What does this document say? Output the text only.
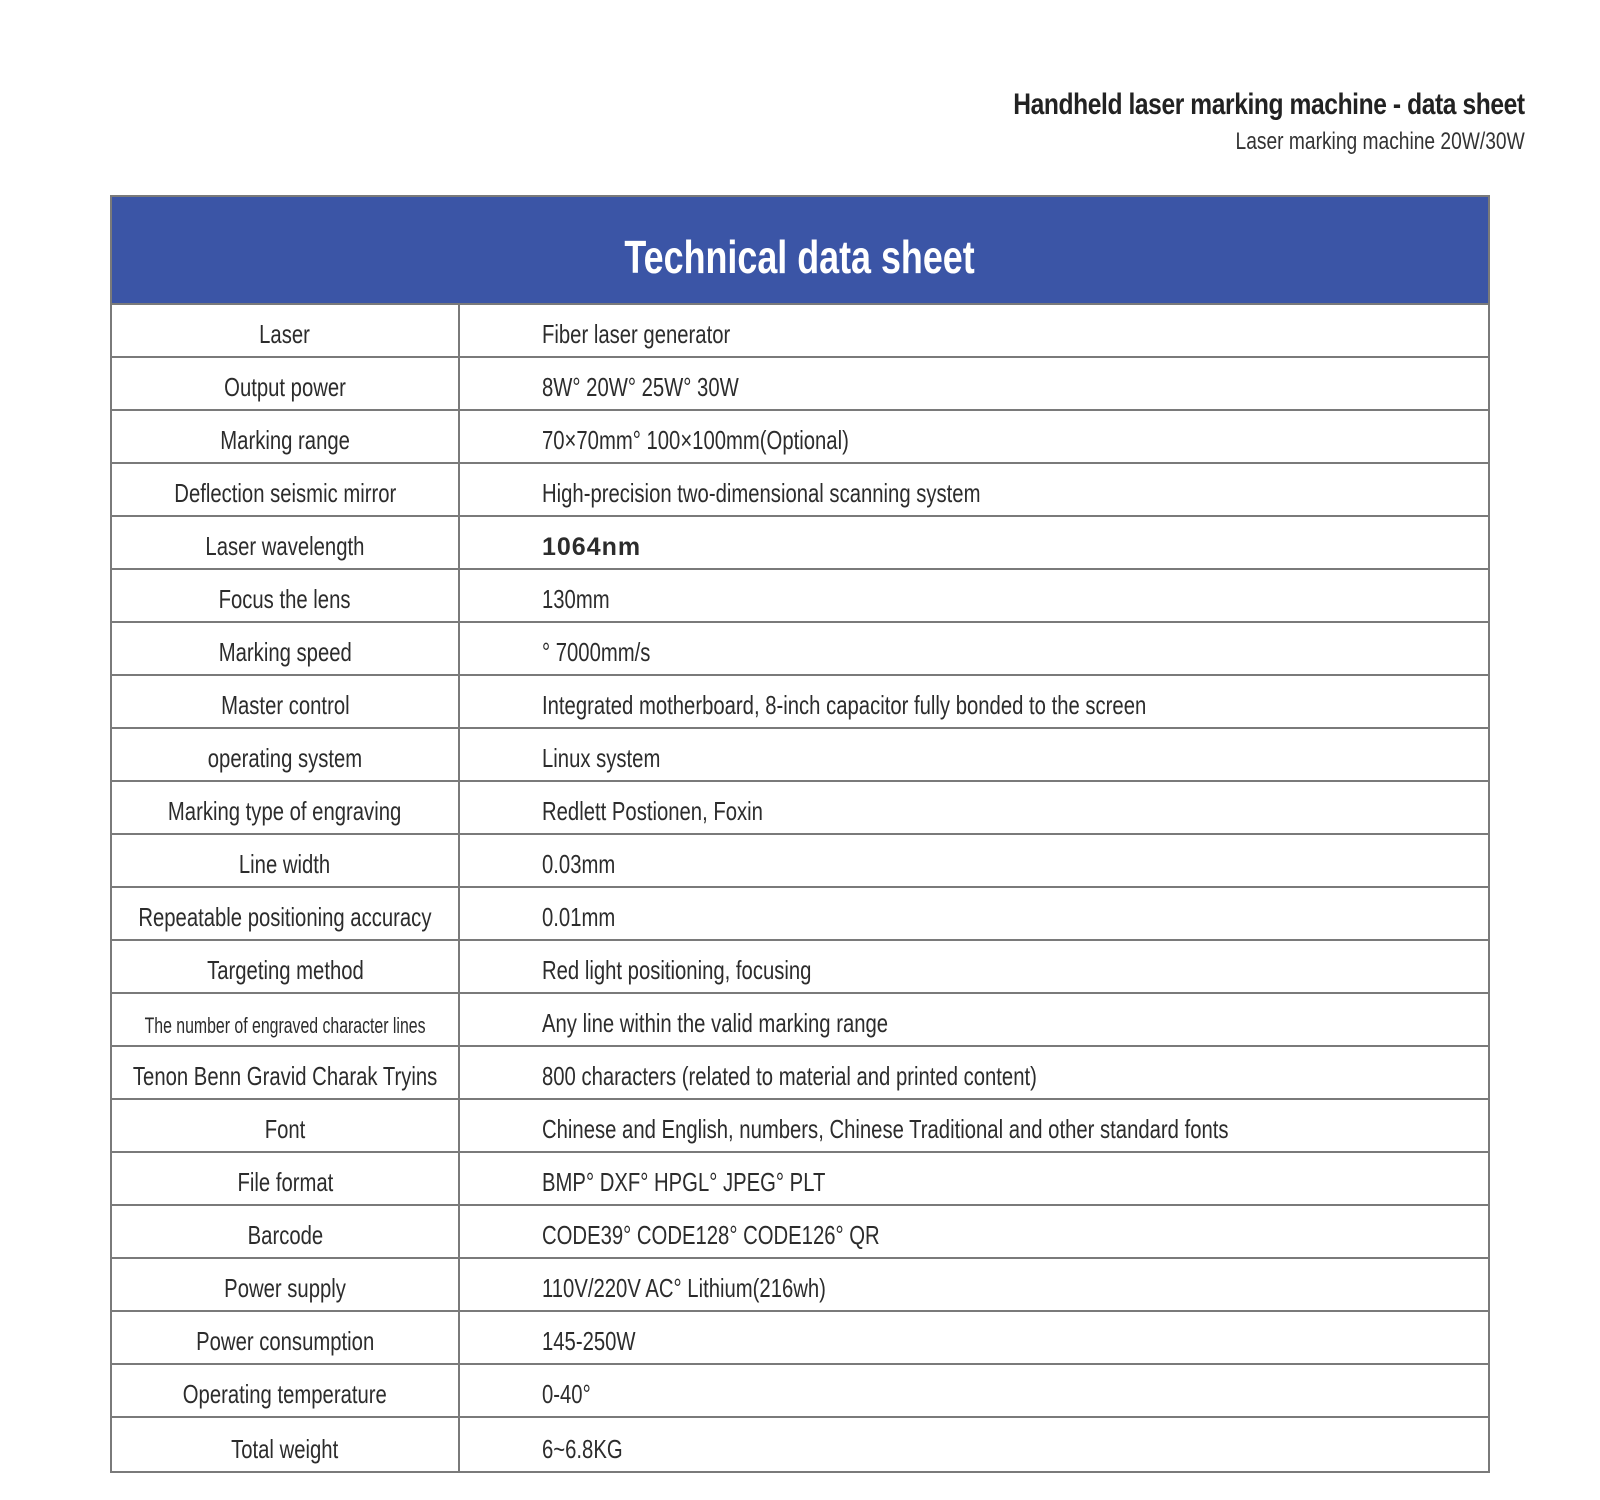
Handheld laser marking machine - data sheet
Laser marking machine 20W/30W
Technical data sheet
Laser	Fiber laser generator
Output power	8W° 20W° 25W° 30W
Marking range	70×70mm° 100×100mm(Optional)
Deflection seismic mirror	High-precision two-dimensional scanning system
Laser wavelength	1064nm
Focus the lens	130mm
Marking speed	° 7000mm/s
Master control	Integrated motherboard, 8-inch capacitor fully bonded to the screen
operating system	Linux system
Marking type of engraving	Redlett Postionen, Foxin
Line width	0.03mm
Repeatable positioning accuracy	0.01mm
Targeting method	Red light positioning, focusing
The number of engraved character lines	Any line within the valid marking range
Tenon Benn Gravid Charak Tryins	800 characters (related to material and printed content)
Font	Chinese and English, numbers, Chinese Traditional and other standard fonts
File format	BMP° DXF° HPGL° JPEG° PLT
Barcode	CODE39° CODE128° CODE126° QR
Power supply	110V/220V AC° Lithium(216wh)
Power consumption	145-250W
Operating temperature	0-40°
Total weight	6~6.8KG
